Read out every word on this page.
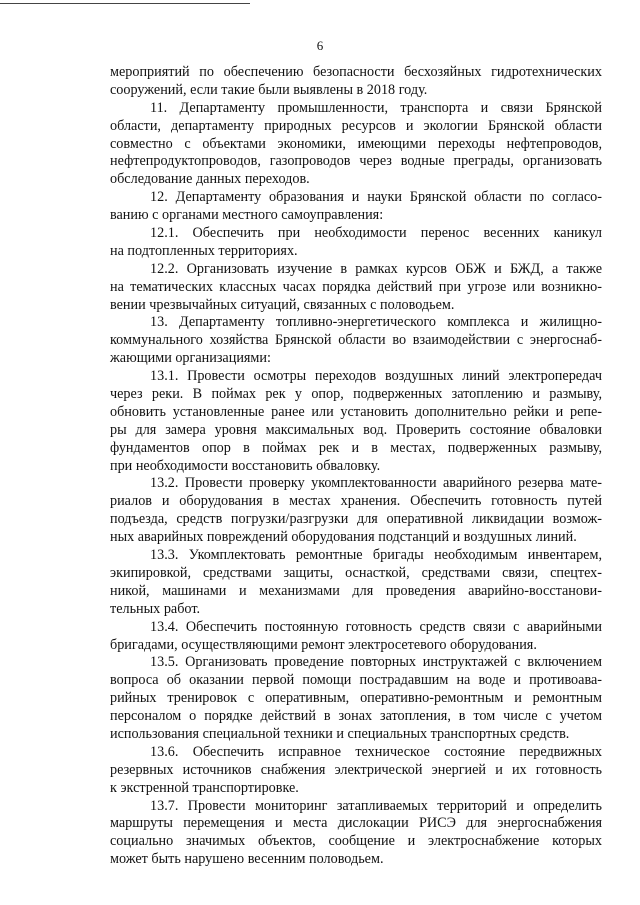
6
мероприятий по обеспечению безопасности бесхозяйных гидротехнических
сооружений, если такие были выявлены в 2018 году.
11. Департаменту промышленности, транспорта и связи Брянской
области, департаменту природных ресурсов и экологии Брянской области
совместно с объектами экономики, имеющими переходы нефтепроводов,
нефтепродуктопроводов, газопроводов через водные преграды, организовать
обследование данных переходов.
12. Департаменту образования и науки Брянской области по согласо-
ванию с органами местного самоуправления:
12.1. Обеспечить при необходимости перенос весенних каникул
на подтопленных территориях.
12.2. Организовать изучение в рамках курсов ОБЖ и БЖД, а также
на тематических классных часах порядка действий при угрозе или возникно-
вении чрезвычайных ситуаций, связанных с половодьем.
13. Департаменту топливно-энергетического комплекса и жилищно-
коммунального хозяйства Брянской области во взаимодействии с энергоснаб-
жающими организациями:
13.1. Провести осмотры переходов воздушных линий электропередач
через реки. В поймах рек у опор, подверженных затоплению и размыву,
обновить установленные ранее или установить дополнительно рейки и репе-
ры для замера уровня максимальных вод. Проверить состояние обваловки
фундаментов опор в поймах рек и в местах, подверженных размыву,
при необходимости восстановить обваловку.
13.2. Провести проверку укомплектованности аварийного резерва мате-
риалов и оборудования в местах хранения. Обеспечить готовность путей
подъезда, средств погрузки/разгрузки для оперативной ликвидации возмож-
ных аварийных повреждений оборудования подстанций и воздушных линий.
13.3. Укомплектовать ремонтные бригады необходимым инвентарем,
экипировкой, средствами защиты, оснасткой, средствами связи, спецтех-
никой, машинами и механизмами для проведения аварийно-восстанови-
тельных работ.
13.4. Обеспечить постоянную готовность средств связи с аварийными
бригадами, осуществляющими ремонт электросетевого оборудования.
13.5. Организовать проведение повторных инструктажей с включением
вопроса об оказании первой помощи пострадавшим на воде и противоава-
рийных тренировок с оперативным, оперативно-ремонтным и ремонтным
персоналом о порядке действий в зонах затопления, в том числе с учетом
использования специальной техники и специальных транспортных средств.
13.6. Обеспечить исправное техническое состояние передвижных
резервных источников снабжения электрической энергией и их готовность
к экстренной транспортировке.
13.7. Провести мониторинг затапливаемых территорий и определить
маршруты перемещения и места дислокации РИСЭ для энергоснабжения
социально значимых объектов, сообщение и электроснабжение которых
может быть нарушено весенним половодьем.
